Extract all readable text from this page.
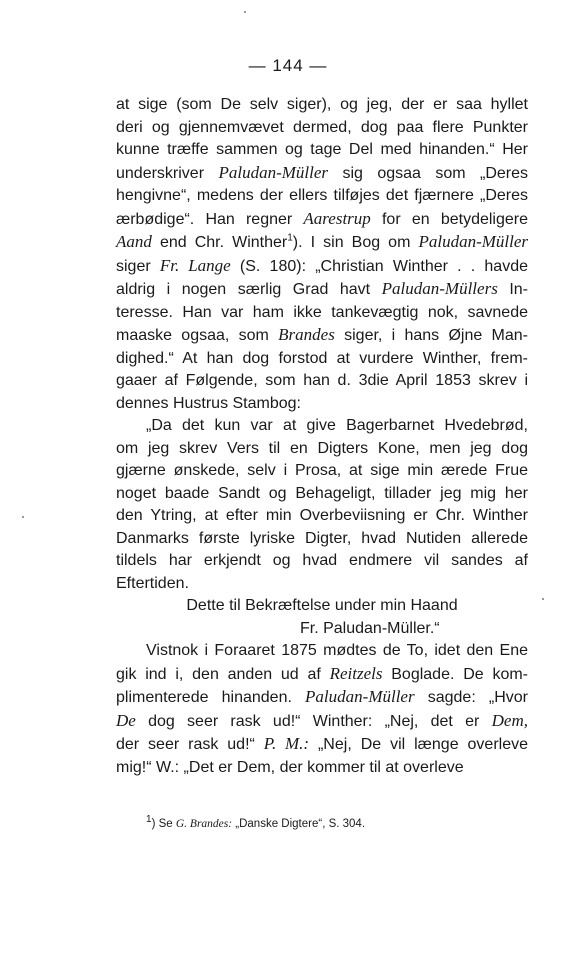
— 144 —
at sige (som De selv siger), og jeg, der er saa hyllet
deri og gjennemvævet dermed, dog paa flere Punkter
kunne træffe sammen og tage Del med hinanden.“ Her
underskriver Paludan-Müller sig ogsaa som „Deres
hengivne“, medens der ellers tilføjes det fjærnere „Deres
ærbødige“. Han regner Aarestrup for en betydeligere
Aand end Chr. Winther$^1$). I sin Bog om Paludan-Müller
siger Fr. Lange (S. 180): „Christian Winther . . havde
aldrig i nogen særlig Grad havt Paludan-Müllers In-
teresse. Han var ham ikke tankevægtig nok, savnede
maaske ogsaa, som Brandes siger, i hans Øjne Man-
dighed.“ At han dog forstod at vurdere Winther, frem-
gaaer af Følgende, som han d. 3die April 1853 skrev i
dennes Hustrus Stambog:
„Da det kun var at give Bagerbarnet Hvedebrød,
om jeg skrev Vers til en Digters Kone, men jeg dog
gjærne ønskede, selv i Prosa, at sige min ærede Frue
noget baade Sandt og Behageligt, tillader jeg mig her
den Ytring, at efter min Overbeviisning er Chr. Winther
Danmarks første lyriske Digter, hvad Nutiden allerede
tildels har erkjendt og hvad endmere vil sandes af
Eftertiden.
Dette til Bekræftelse under min Haand
Fr. Paludan-Müller.“
Vistnok i Foraaret 1875 mødtes de To, idet den Ene
gik ind i, den anden ud af Reitzels Boglade. De kom-
plimenterede hinanden. Paludan-Müller sagde: „Hvor
De dog seer rask ud!“ Winther: „Nej, det er Dem,
der seer rask ud!“ P. M.: „Nej, De vil længe overleve
mig!“ W.: „Det er Dem, der kommer til at overleve
$^1$) Se G. Brandes: „Danske Digtere“, S. 304.
